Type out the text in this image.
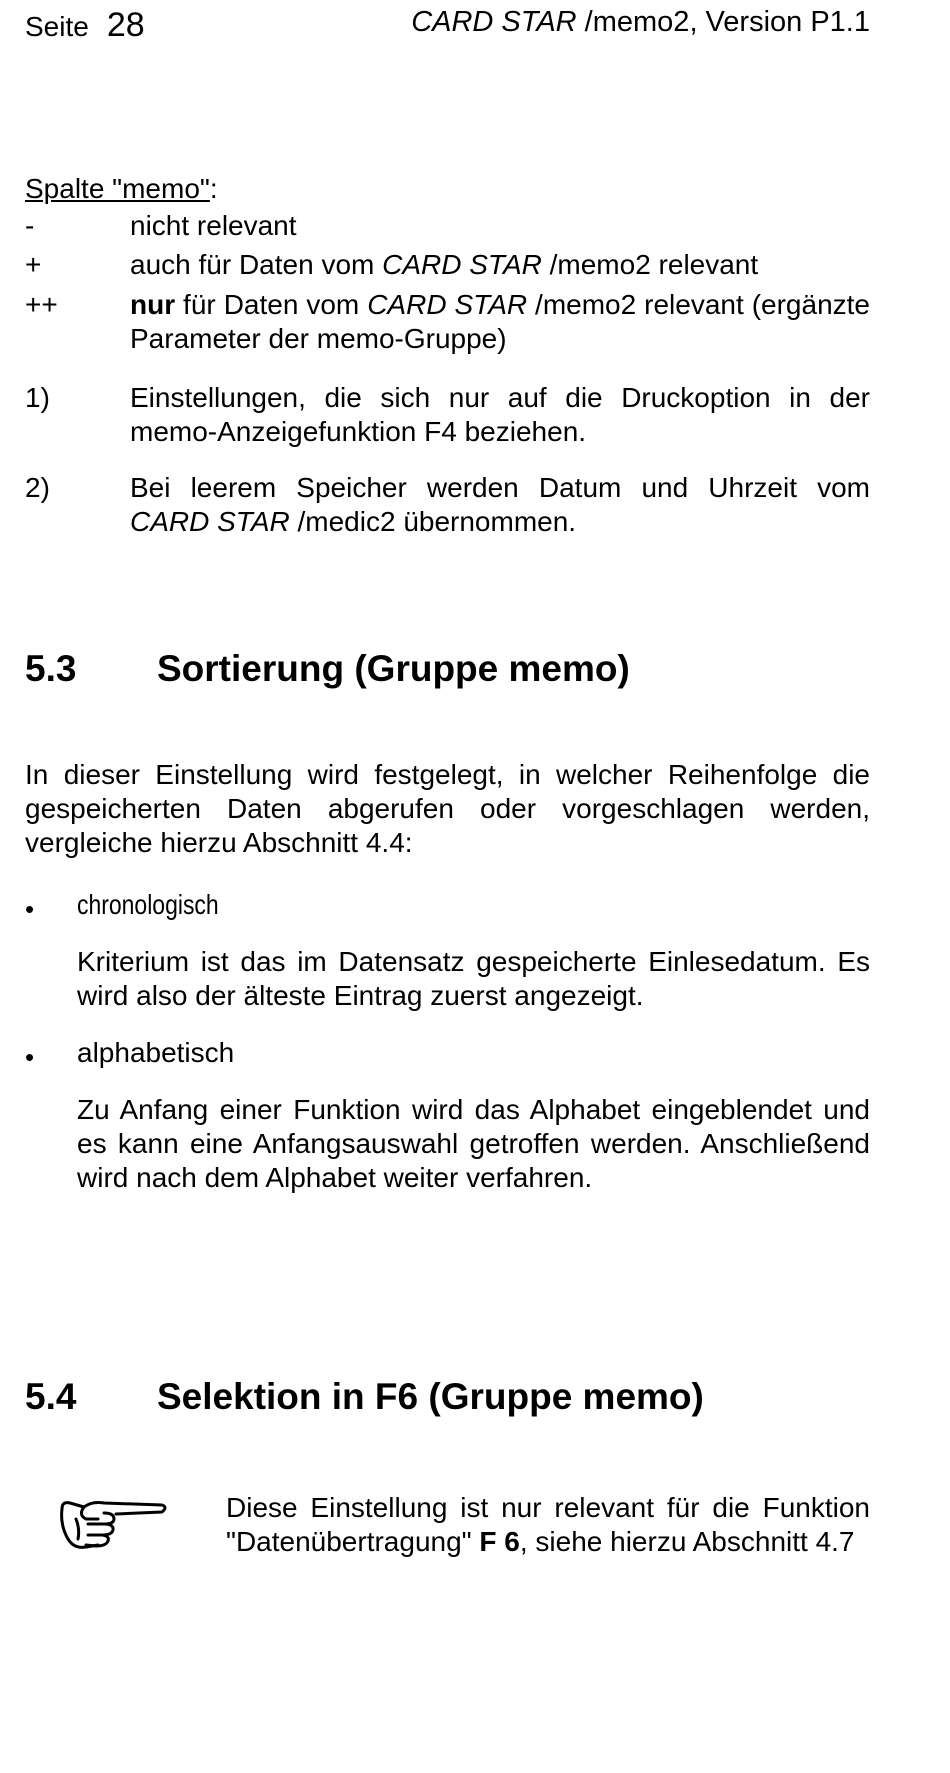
Seite 28	CARD STAR /memo2, Version P1.1
Spalte "memo":
-	nicht relevant
+	auch für Daten vom CARD STAR /memo2 relevant
++	nur für Daten vom CARD STAR /memo2 relevant (ergänzte Parameter der memo-Gruppe)
1)	Einstellungen, die sich nur auf die Druckoption in der memo-Anzeigefunktion F4 beziehen.
2)	Bei leerem Speicher werden Datum und Uhrzeit vom CARD STAR /medic2 übernommen.
5.3 Sortierung (Gruppe memo)
In dieser Einstellung wird festgelegt, in welcher Reihenfolge die gespeicherten Daten abgerufen oder vorgeschlagen werden, vergleiche hierzu Abschnitt 4.4:
• chronologisch
Kriterium ist das im Datensatz gespeicherte Einlesedatum. Es wird also der älteste Eintrag zuerst angezeigt.
• alphabetisch
Zu Anfang einer Funktion wird das Alphabet eingeblendet und es kann eine Anfangsauswahl getroffen werden. Anschließend wird nach dem Alphabet weiter verfahren.
5.4 Selektion in F6 (Gruppe memo)
Diese Einstellung ist nur relevant für die Funktion "Datenübertragung" F 6, siehe hierzu Abschnitt 4.7
